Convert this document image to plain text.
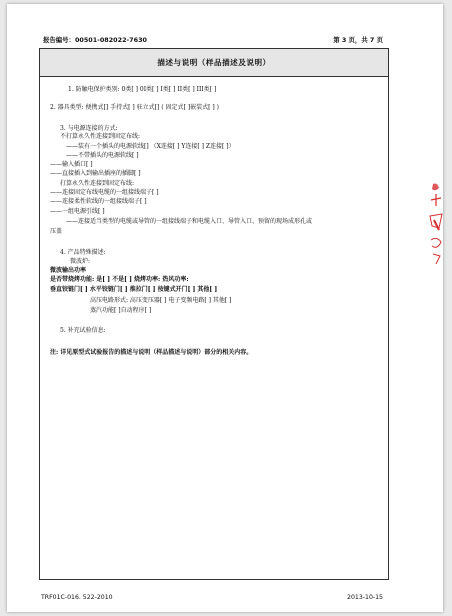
报告编号：00501-082022-7630	第 3 页，共 7 页
描述与说明（样品描述及说明）
1. 防触电保护类别: 0类[ ] 0I类[ ] I类[ ] II类[ ] III类[ ]
2. 器具类型: 便携式[] 手持式[ ] 驻立式[] ( 固定式[ ]嵌装式[ ] )
3. 与电源连接的方式:
不打算永久性连接到固定布线:
——装有一个插头的电源软线[] （X连接[ ] Y连接[ ] Z连接[ ]）
——不带插头的电源软线[ ]
——输入插口[ ]
——直接插入到输出插座的插脚[ ]
打算永久性连接到固定布线:
——连接固定布线电缆的一组接线端子[ ]
——连接柔性软线的一组接线端子[ ]
——一组电源引线[ ]
——连接适当类型的电缆或导管的一组接线端子和电缆入口、导管入口、预留的现场成形孔或
压盖
4. 产品特殊描述:
微波炉:
微波输出功率
是否带烧烤功能: 是[ ] 不是[ ] 烧烤功率: 热风功率:
垂直铰链门[ ] 水平铰链门[ ] 推拉门[ ] 按键式开门[ ] 其他[ ]
高压电路形式: 高压变压器[ ] 电子变频电路[ ] 其他[ ]
蒸汽功能[ ]自动程序[ ]
5. 补充试验信息:
注: 详见原型式试验报告的描述与说明（样品描述与说明）部分的相关内容。
TRF01C-016. 522-2010	2013-10-15
